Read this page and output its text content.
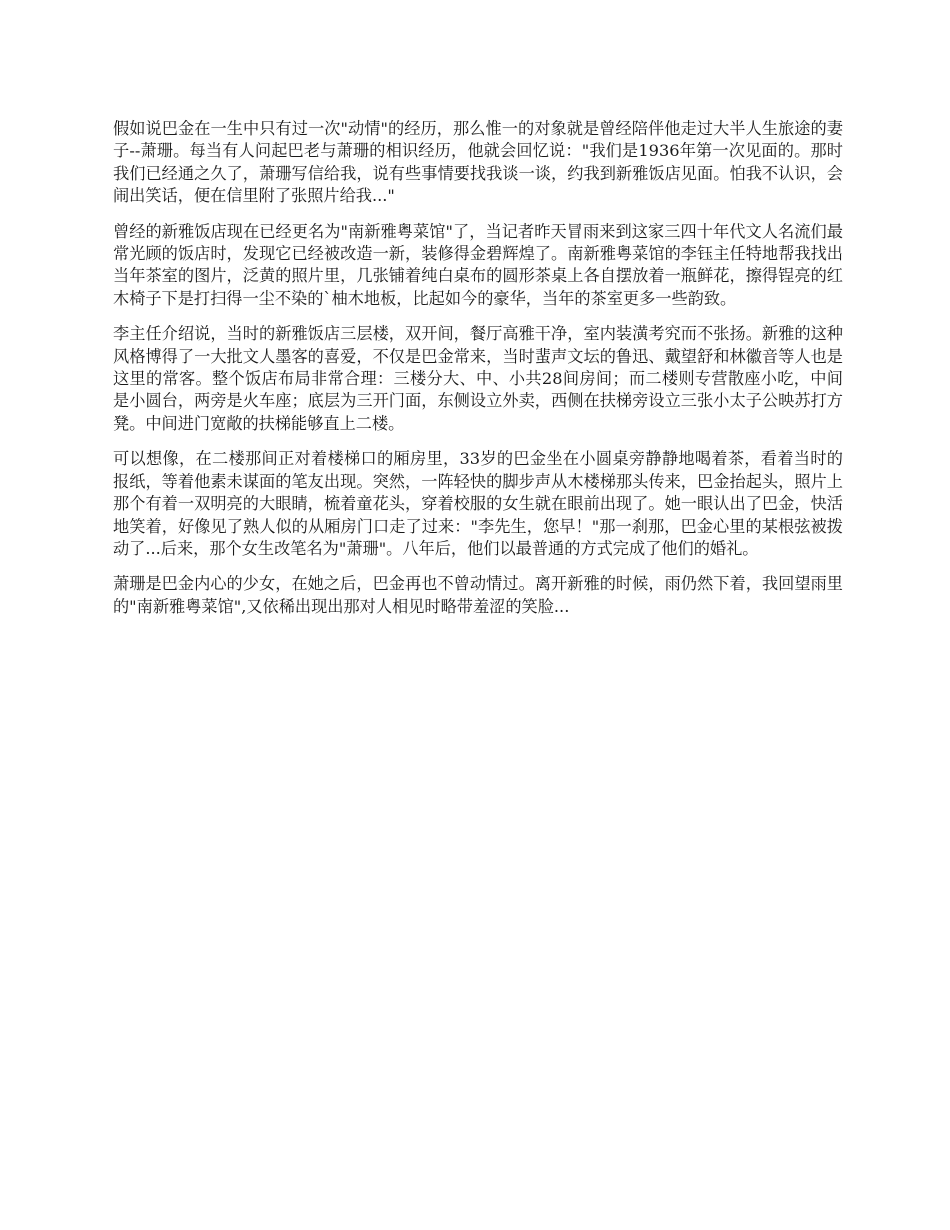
假如说巴金在一生中只有过一次"动情"的经历，那么惟一的对象就是曾经陪伴他走过大半人生旅途的妻子--萧珊。每当有人问起巴老与萧珊的相识经历，他就会回忆说："我们是1936年第一次见面的。那时我们已经通之久了，萧珊写信给我，说有些事情要找我谈一谈，约我到新雅饭店见面。怕我不认识，会闹出笑话，便在信里附了张照片给我..."

曾经的新雅饭店现在已经更名为"南新雅粤菜馆"了，当记者昨天冒雨来到这家三四十年代文人名流们最常光顾的饭店时，发现它已经被改造一新，装修得金碧辉煌了。南新雅粤菜馆的李钰主任特地帮我找出当年茶室的图片，泛黄的照片里，几张铺着纯白桌布的圆形茶桌上各自摆放着一瓶鲜花，擦得锃亮的红木椅子下是打扫得一尘不染的`柚木地板，比起如今的豪华，当年的茶室更多一些韵致。

李主任介绍说，当时的新雅饭店三层楼，双开间，餐厅高雅干净，室内装潢考究而不张扬。新雅的这种风格博得了一大批文人墨客的喜爱，不仅是巴金常来，当时蜚声文坛的鲁迅、戴望舒和林徽音等人也是这里的常客。整个饭店布局非常合理：三楼分大、中、小共28间房间；而二楼则专营散座小吃，中间是小圆台，两旁是火车座；底层为三开门面，东侧设立外卖，西侧在扶梯旁设立三张小太子公映苏打方凳。中间进门宽敞的扶梯能够直上二楼。

可以想像，在二楼那间正对着楼梯口的厢房里，33岁的巴金坐在小圆桌旁静静地喝着茶，看着当时的报纸，等着他素未谋面的笔友出现。突然，一阵轻快的脚步声从木楼梯那头传来，巴金抬起头，照片上那个有着一双明亮的大眼睛，梳着童花头，穿着校服的女生就在眼前出现了。她一眼认出了巴金，快活地笑着，好像见了熟人似的从厢房门口走了过来："李先生，您早！"那一刹那，巴金心里的某根弦被拨动了...后来，那个女生改笔名为"萧珊"。八年后，他们以最普通的方式完成了他们的婚礼。

萧珊是巴金内心的少女，在她之后，巴金再也不曾动情过。离开新雅的时候，雨仍然下着，我回望雨里的"南新雅粤菜馆",又依稀出现出那对人相见时略带羞涩的笑脸...
